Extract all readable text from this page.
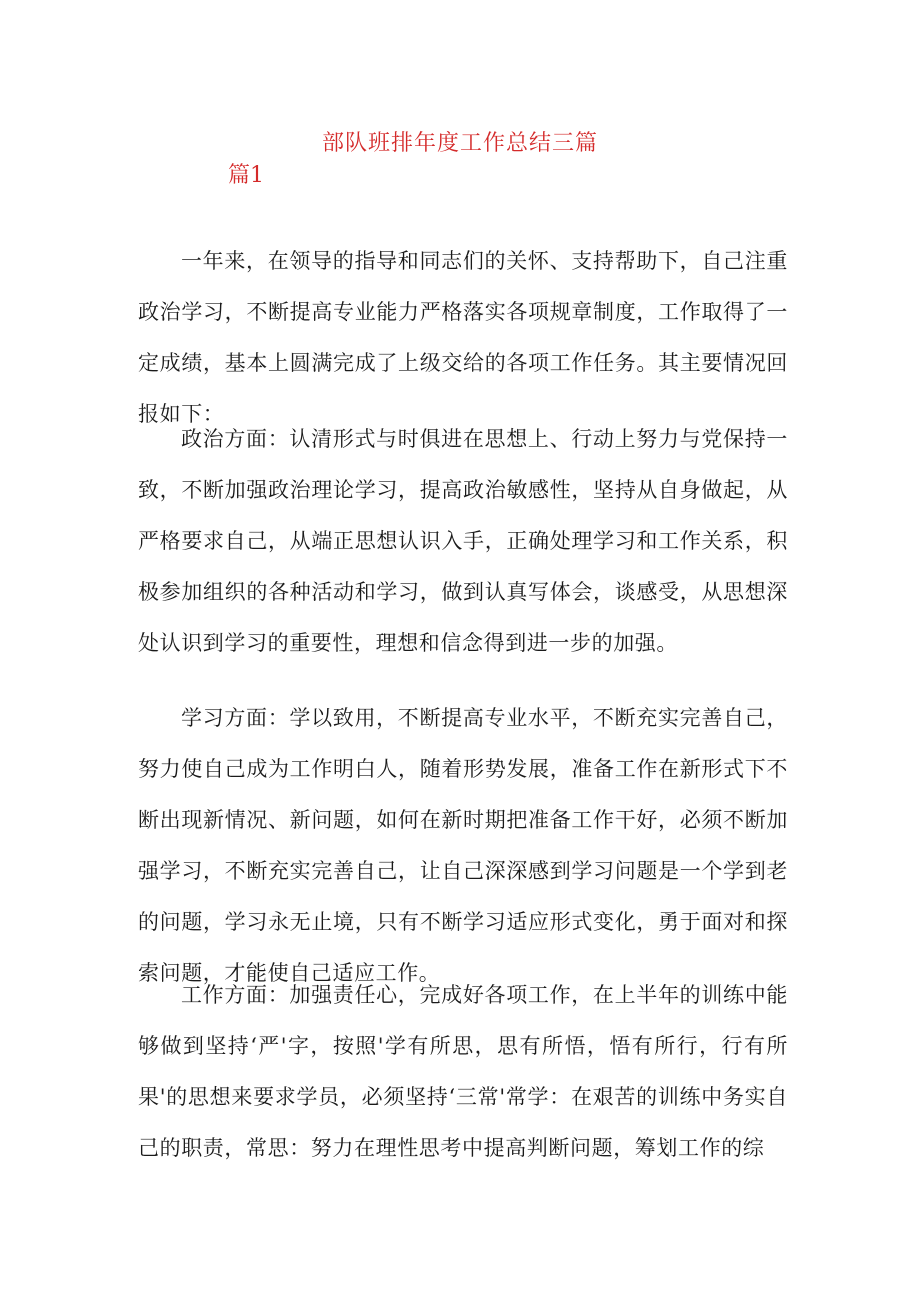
部队班排年度工作总结三篇
篇1

一年来，在领导的指导和同志们的关怀、支持帮助下，自己注重政治学习，不断提高专业能力严格落实各项规章制度，工作取得了一定成绩，基本上圆满完成了上级交给的各项工作任务。其主要情况回报如下：

政治方面：认清形式与时俱进在思想上、行动上努力与党保持一致，不断加强政治理论学习，提高政治敏感性，坚持从自身做起，从严格要求自己，从端正思想认识入手，正确处理学习和工作关系，积极参加组织的各种活动和学习，做到认真写体会，谈感受，从思想深处认识到学习的重要性，理想和信念得到进一步的加强。

学习方面：学以致用，不断提高专业水平，不断充实完善自己，努力使自己成为工作明白人，随着形势发展，准备工作在新形式下不断出现新情况、新问题，如何在新时期把准备工作干好，必须不断加强学习，不断充实完善自己，让自己深深感到学习问题是一个学到老的问题，学习永无止境，只有不断学习适应形式变化，勇于面对和探索问题，才能使自己适应工作。

工作方面：加强责任心，完成好各项工作，在上半年的训练中能够做到坚持‘严'字，按照'学有所思，思有所悟，悟有所行，行有所果'的思想来要求学员，必须坚持‘三常'常学：在艰苦的训练中务实自己的职责，常思：努力在理性思考中提高判断问题，筹划工作的综
